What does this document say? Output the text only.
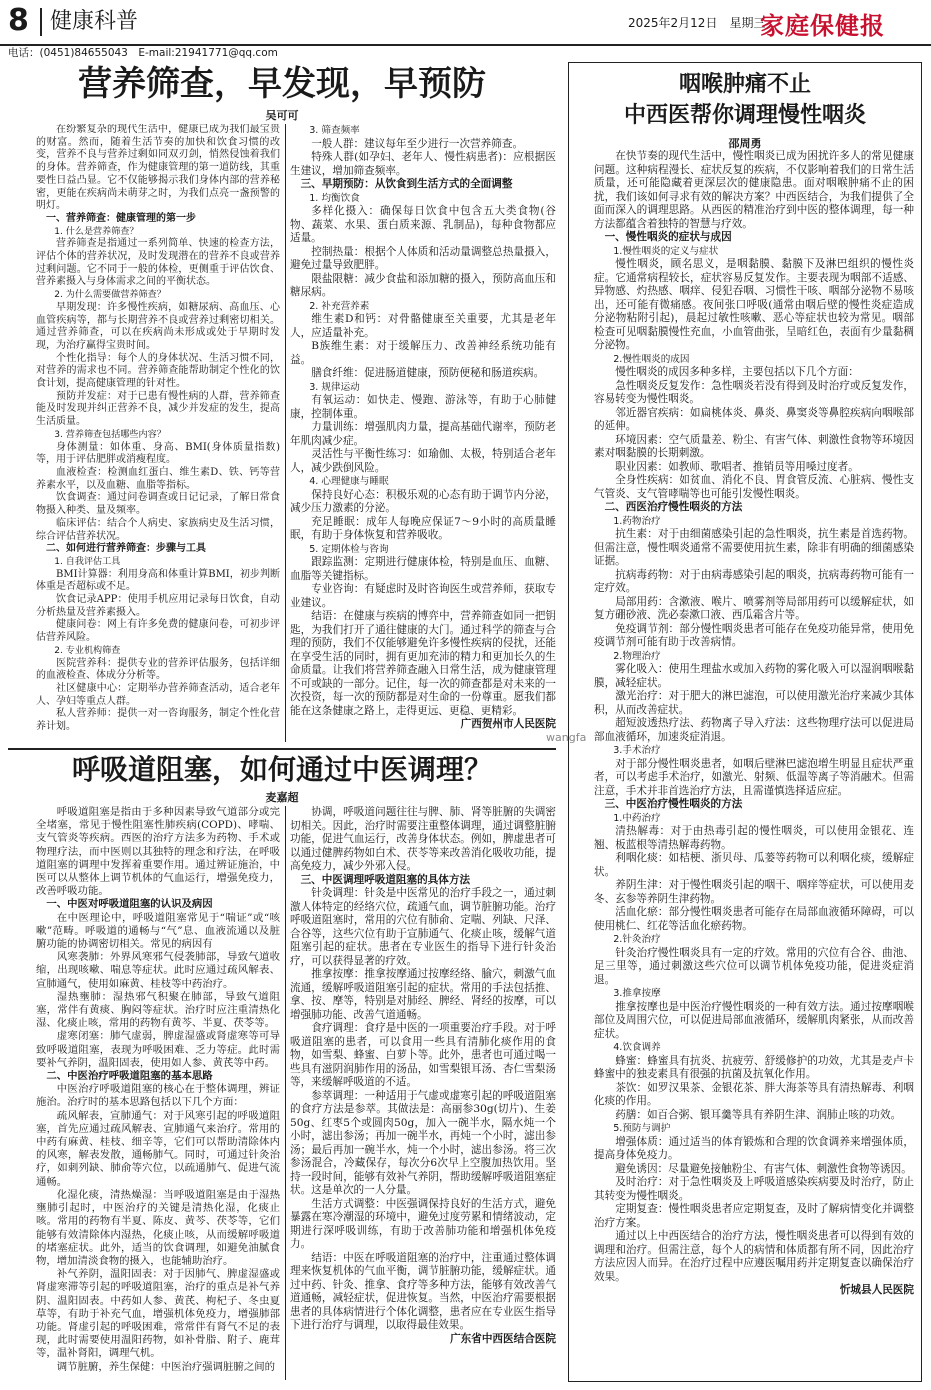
8 健康科普	2025年2月12日　星期三
家庭保健报
电话：(0451)84655043　E-mail:21941771@qq.com
营养筛查，早发现，早预防
吴可可

在纷繁复杂的现代生活中，健康已成为我们最宝贵的财富。然而，随着生活节奏的加快和饮食习惯的改变，营养不良与营养过剩如同双刃剑，悄然侵蚀着我们的身体。营养筛查，作为健康管理的第一道防线，其重要性日益凸显。它不仅能够揭示我们身体内部的营养秘密，更能在疾病尚未萌芽之时，为我们点亮一盏预警的明灯。

一、营养筛查：健康管理的第一步

1. 什么是营养筛查？

营养筛查是指通过一系列简单、快速的检查方法，评估个体的营养状况，及时发现潜在的营养不良或营养过剩问题。它不同于一般的体检，更侧重于评估饮食、营养素摄入与身体需求之间的平衡状态。

2. 为什么需要做营养筛查？

早期发现：许多慢性疾病，如糖尿病、高血压、心血管疾病等，都与长期营养不良或营养过剩密切相关。通过营养筛查，可以在疾病尚未形成或处于早期时发现，为治疗赢得宝贵时间。

个性化指导：每个人的身体状况、生活习惯不同，对营养的需求也不同。营养筛查能帮助制定个性化的饮食计划，提高健康管理的针对性。

预防并发症：对于已患有慢性病的人群，营养筛查能及时发现并纠正营养不良，减少并发症的发生，提高生活质量。

3. 营养筛查包括哪些内容？

身体测量：如体重、身高、BMI(身体质量指数)等，用于评估肥胖或消瘦程度。

血液检查：检测血红蛋白、维生素D、铁、钙等营养素水平，以及血糖、血脂等指标。

饮食调查：通过问卷调查或日记记录，了解日常食物摄入种类、量及频率。

临床评估：结合个人病史、家族病史及生活习惯，综合评估营养状况。

二、如何进行营养筛查：步骤与工具

1. 自我评估工具

BMI计算器：利用身高和体重计算BMI，初步判断体重是否超标或不足。

饮食记录APP：使用手机应用记录每日饮食，自动分析热量及营养素摄入。

健康问卷：网上有许多免费的健康问卷，可初步评估营养风险。

2. 专业机构筛查

医院营养科：提供专业的营养评估服务，包括详细的血液检查、体成分分析等。

社区健康中心：定期举办营养筛查活动，适合老年人、孕妇等重点人群。

私人营养师：提供一对一咨询服务，制定个性化营养计划。

3. 筛查频率

一般人群：建议每年至少进行一次营养筛查。

特殊人群(如孕妇、老年人、慢性病患者)：应根据医生建议，增加筛查频率。

三、早期预防：从饮食到生活方式的全面调整

1. 均衡饮食

多样化摄入：确保每日饮食中包含五大类食物(谷物、蔬菜、水果、蛋白质来源、乳制品)，每种食物都应适量。

控制热量：根据个人体质和活动量调整总热量摄入，避免过量导致肥胖。

限盐限糖：减少食盐和添加糖的摄入，预防高血压和糖尿病。

2. 补充营养素

维生素D和钙：对骨骼健康至关重要，尤其是老年人，应适量补充。

B族维生素：对于缓解压力、改善神经系统功能有益。

膳食纤维：促进肠道健康，预防便秘和肠道疾病。

3. 规律运动

有氧运动：如快走、慢跑、游泳等，有助于心肺健康，控制体重。

力量训练：增强肌肉力量，提高基础代谢率，预防老年肌肉减少症。

灵活性与平衡性练习：如瑜伽、太极，特别适合老年人，减少跌倒风险。

4. 心理健康与睡眠

保持良好心态：积极乐观的心态有助于调节内分泌，减少压力激素的分泌。

充足睡眠：成年人每晚应保证7～9小时的高质量睡眠，有助于身体恢复和营养吸收。

5. 定期体检与咨询

跟踪监测：定期进行健康体检，特别是血压、血糖、血脂等关键指标。

专业咨询：有疑虑时及时咨询医生或营养师，获取专业建议。

结语：在健康与疾病的博弈中，营养筛查如同一把钥匙，为我们打开了通往健康的大门。通过科学的筛查与合理的预防，我们不仅能够避免许多慢性疾病的侵扰，还能在享受生活的同时，拥有更加充沛的精力和更加长久的生命质量。让我们将营养筛查融入日常生活，成为健康管理不可或缺的一部分。记住，每一次的筛查都是对未来的一次投资，每一次的预防都是对生命的一份尊重。愿我们都能在这条健康之路上，走得更远、更稳、更精彩。

广西贺州市人民医院

呼吸道阻塞，如何通过中医调理？
麦嘉超

呼吸道阻塞是指由于多种因素导致气道部分或完全堵塞，常见于慢性阻塞性肺疾病(COPD)、哮喘、支气管炎等疾病。西医的治疗方法多为药物、手术或物理疗法，而中医则以其独特的理念和疗法，在呼吸道阻塞的调理中发挥着重要作用。通过辨证施治，中医可以从整体上调节机体的气血运行，增强免疫力，改善呼吸功能。

一、中医对呼吸道阻塞的认识及病因

在中医理论中，呼吸道阻塞常见于“喘证”或“咳嗽”范畴。呼吸道的通畅与“气”息、血液流通以及脏腑功能的协调密切相关。常见的病因有

风寒袭肺：外界风寒邪气侵袭肺部，导致气道收缩，出现咳嗽、喘息等症状。此时应通过疏风解表、宣肺通气，使用如麻黄、桂枝等中药治疗。

湿热壅肺：湿热邪气积聚在肺部，导致气道阻塞，常伴有黄痰、胸闷等症状。治疗时应注重清热化湿、化痰止咳，常用的药物有黄芩、半夏、茯苓等。

虚寒闭塞：肺气虚弱，脾虚湿盛或肾虚寒等可导致呼吸道阻塞，表现为呼吸困难、乏力等症。此时需要补气养阴，温阳固表，使用如人参、黄芪等中药。

二、中医治疗呼吸道阻塞的基本思路

中医治疗呼吸道阻塞的核心在于整体调理，辨证施治。治疗时的基本思路包括以下几个方面：

疏风解表，宣肺通气：对于风寒引起的呼吸道阻塞，首先应通过疏风解表、宣肺通气来治疗。常用的中药有麻黄、桂枝、细辛等，它们可以帮助清除体内的风寒，解表发散，通畅肺气。同时，可通过针灸治疗，如刺列缺、肺俞等穴位，以疏通肺气、促进气流通畅。

化湿化痰，清热燥湿：当呼吸道阻塞是由于湿热壅肺引起时，中医治疗的关键是清热化湿，化痰止咳。常用的药物有半夏、陈皮、黄芩、茯苓等，它们能够有效清除体内湿热，化痰止咳，从而缓解呼吸道的堵塞症状。此外，适当的饮食调理，如避免油腻食物，增加清淡食物的摄入，也能辅助治疗。

补气养阴，温阳固表：对于因肺气、脾虚湿盛或肾虚寒滞等引起的呼吸道阻塞，治疗的重点是补气养阴、温阳固表。中药如人参、黄芪、枸杞子、冬虫夏草等，有助于补充气血，增强机体免疫力，增强肺部功能。肾虚引起的呼吸困难，常常伴有肾气不足的表现，此时需要使用温阳药物，如补骨脂、附子、鹿茸等，温补肾阳，调理气机。

调节脏腑，养生保健：中医治疗强调脏腑之间的

协调，呼吸道问题往往与脾、肺、肾等脏腑的失调密切相关。因此，治疗时需要注重整体调理，通过调整脏腑功能，促进气血运行，改善身体状态。例如，脾虚患者可以通过健脾药物如白术、茯苓等来改善消化吸收功能，提高免疫力，减少外邪入侵。

三、中医调理呼吸道阻塞的具体方法

针灸调理：针灸是中医常见的治疗手段之一，通过刺激人体特定的经络穴位，疏通气血，调节脏腑功能。治疗呼吸道阻塞时，常用的穴位有肺俞、定喘、列缺、尺泽、合谷等，这些穴位有助于宣肺通气、化痰止咳，缓解气道阻塞引起的症状。患者在专业医生的指导下进行针灸治疗，可以获得显著的疗效。

推拿按摩：推拿按摩通过按摩经络、腧穴，刺激气血流通，缓解呼吸道阻塞引起的症状。常用的手法包括推、拿、按、摩等，特别是对肺经、脾经、肾经的按摩，可以增强肺功能、改善气道通畅。

食疗调理：食疗是中医的一项重要治疗手段。对于呼吸道阻塞的患者，可以食用一些具有清肺化痰作用的食物，如雪梨、蜂蜜、白萝卜等。此外，患者也可通过喝一些具有滋阴润肺作用的汤品，如雪梨银耳汤、杏仁雪梨汤等，来缓解呼吸道的不适。

参萃调理：一种适用于气虚或虚寒引起的呼吸道阻塞的食疗方法是参萃。其做法是：高丽参30g(切片)、生姜50g、红枣5个或圆肉50g，加入一碗半水，隔水炖一个小时，滤出参汤；再加一碗半水，再炖一个小时，滤出参汤；最后再加一碗半水，炖一个小时，滤出参汤。将三次参汤混合，冷藏保存，每次分6次早上空腹加热饮用。坚持一段时间，能够有效补气养阴，帮助缓解呼吸道阻塞症状。这是单次的一人分量。

生活方式调整：中医强调保持良好的生活方式，避免暴露在寒冷潮湿的环境中，避免过度劳累和情绪波动，定期进行深呼吸训练，有助于改善肺功能和增强机体免疫力。

结语：中医在呼吸道阻塞的治疗中，注重通过整体调理来恢复机体的气血平衡，调节脏腑功能，缓解症状。通过中药、针灸、推拿、食疗等多种方法，能够有效改善气道通畅，减轻症状，促进恢复。当然，中医治疗需要根据患者的具体病情进行个体化调整，患者应在专业医生指导下进行治疗与调理，以取得最佳效果。

广东省中西医结合医院

咽喉肿痛不止
中西医帮你调理慢性咽炎
邵周勇

在快节奏的现代生活中，慢性咽炎已成为困扰许多人的常见健康问题。这种病程漫长、症状反复的疾病，不仅影响着我们的日常生活质量，还可能隐藏着更深层次的健康隐患。面对咽喉肿痛不止的困扰，我们该如何寻求有效的解决方案？中西医结合，为我们提供了全面而深入的调理思路。从西医的精准治疗到中医的整体调理，每一种方法都蕴含着独特的智慧与疗效。

一、慢性咽炎的症状与成因

1.慢性咽炎的定义与症状

慢性咽炎，顾名思义，是咽黏膜、黏膜下及淋巴组织的慢性炎症。它通常病程较长，症状容易反复发作。主要表现为咽部不适感、异物感、灼热感、咽痒、侵犯吞咽、习惯性干咳、咽部分泌物不易咳出，还可能有微痛感。夜间张口呼吸(通常由咽后壁的慢性炎症造成分泌物粘附引起)，晨起过敏性咳嗽、恶心等症状也较为常见。咽部检查可见咽黏膜慢性充血，小血管曲张，呈暗红色，表面有少量黏稠分泌物。

2.慢性咽炎的成因

慢性咽炎的成因多种多样，主要包括以下几个方面：

急性咽炎反复发作：急性咽炎若没有得到及时治疗或反复发作，容易转变为慢性咽炎。

邻近器官疾病：如扁桃体炎、鼻炎、鼻窦炎等鼻腔疾病向咽喉部的延伸。

环境因素：空气质量差、粉尘、有害气体、刺激性食物等环境因素对咽黏膜的长期刺激。

职业因素：如教师、歌唱者、推销员等用嗓过度者。

全身性疾病：如贫血、消化不良、胃食管反流、心脏病、慢性支气管炎、支气管哮喘等也可能引发慢性咽炎。

二、西医治疗慢性咽炎的方法

1.药物治疗

抗生素：对于由细菌感染引起的急性咽炎，抗生素是首选药物。但需注意，慢性咽炎通常不需要使用抗生素，除非有明确的细菌感染证据。

抗病毒药物：对于由病毒感染引起的咽炎，抗病毒药物可能有一定疗效。

局部用药：含漱液、喉片、喷雾剂等局部用药可以缓解症状，如复方硼砂液、洗必泰漱口液、西瓜霜含片等。

免疫调节剂：部分慢性咽炎患者可能存在免疫功能异常，使用免疫调节剂可能有助于改善病情。

2.物理治疗

雾化吸入：使用生理盐水或加入药物的雾化吸入可以湿润咽喉黏膜，减轻症状。

激光治疗：对于肥大的淋巴滤泡，可以使用激光治疗来减少其体积，从而改善症状。

超短波透热疗法、药物离子导入疗法：这些物理疗法可以促进局部血液循环，加速炎症消退。

3.手术治疗

对于部分慢性咽炎患者，如咽后壁淋巴滤泡增生明显且症状严重者，可以考虑手术治疗，如激光、射频、低温等离子等消融术。但需注意，手术并非首选治疗方法，且需谨慎选择适应症。

三、中医治疗慢性咽炎的方法

1.中药治疗

清热解毒：对于由热毒引起的慢性咽炎，可以使用金银花、连翘、板蓝根等清热解毒药物。

利咽化痰：如桔梗、浙贝母、瓜蒌等药物可以利咽化痰，缓解症状。

养阴生津：对于慢性咽炎引起的咽干、咽痒等症状，可以使用麦冬、玄参等养阴生津药物。

活血化瘀：部分慢性咽炎患者可能存在局部血液循环障碍，可以使用桃仁、红花等活血化瘀药物。

2.针灸治疗

针灸治疗慢性咽炎具有一定的疗效。常用的穴位有合谷、曲池、足三里等，通过刺激这些穴位可以调节机体免疫功能，促进炎症消退。

3.推拿按摩

推拿按摩也是中医治疗慢性咽炎的一种有效方法。通过按摩咽喉部位及周围穴位，可以促进局部血液循环，缓解肌肉紧张，从而改善症状。

4.饮食调养

蜂蜜：蜂蜜具有抗炎、抗疲劳、舒缓修护的功效，尤其是麦卢卡蜂蜜中的独麦素具有很强的抗菌及抗氧化作用。

茶饮：如罗汉果茶、金银花茶、胖大海茶等具有清热解毒、利咽化痰的作用。

药膳：如百合粥、银耳羹等具有养阴生津、润肺止咳的功效。

5.预防与调护

增强体质：通过适当的体育锻炼和合理的饮食调养来增强体质，提高身体免疫力。

避免诱因：尽量避免接触粉尘、有害气体、刺激性食物等诱因。

及时治疗：对于急性咽炎及上呼吸道感染疾病要及时治疗，防止其转变为慢性咽炎。

定期复查：慢性咽炎患者应定期复查，及时了解病情变化并调整治疗方案。

通过以上中西医结合的治疗方法，慢性咽炎患者可以得到有效的调理和治疗。但需注意，每个人的病情和体质都有所不同，因此治疗方法应因人而异。在治疗过程中应遵医嘱用药并定期复查以确保治疗效果。

忻城县人民医院

wangfa
